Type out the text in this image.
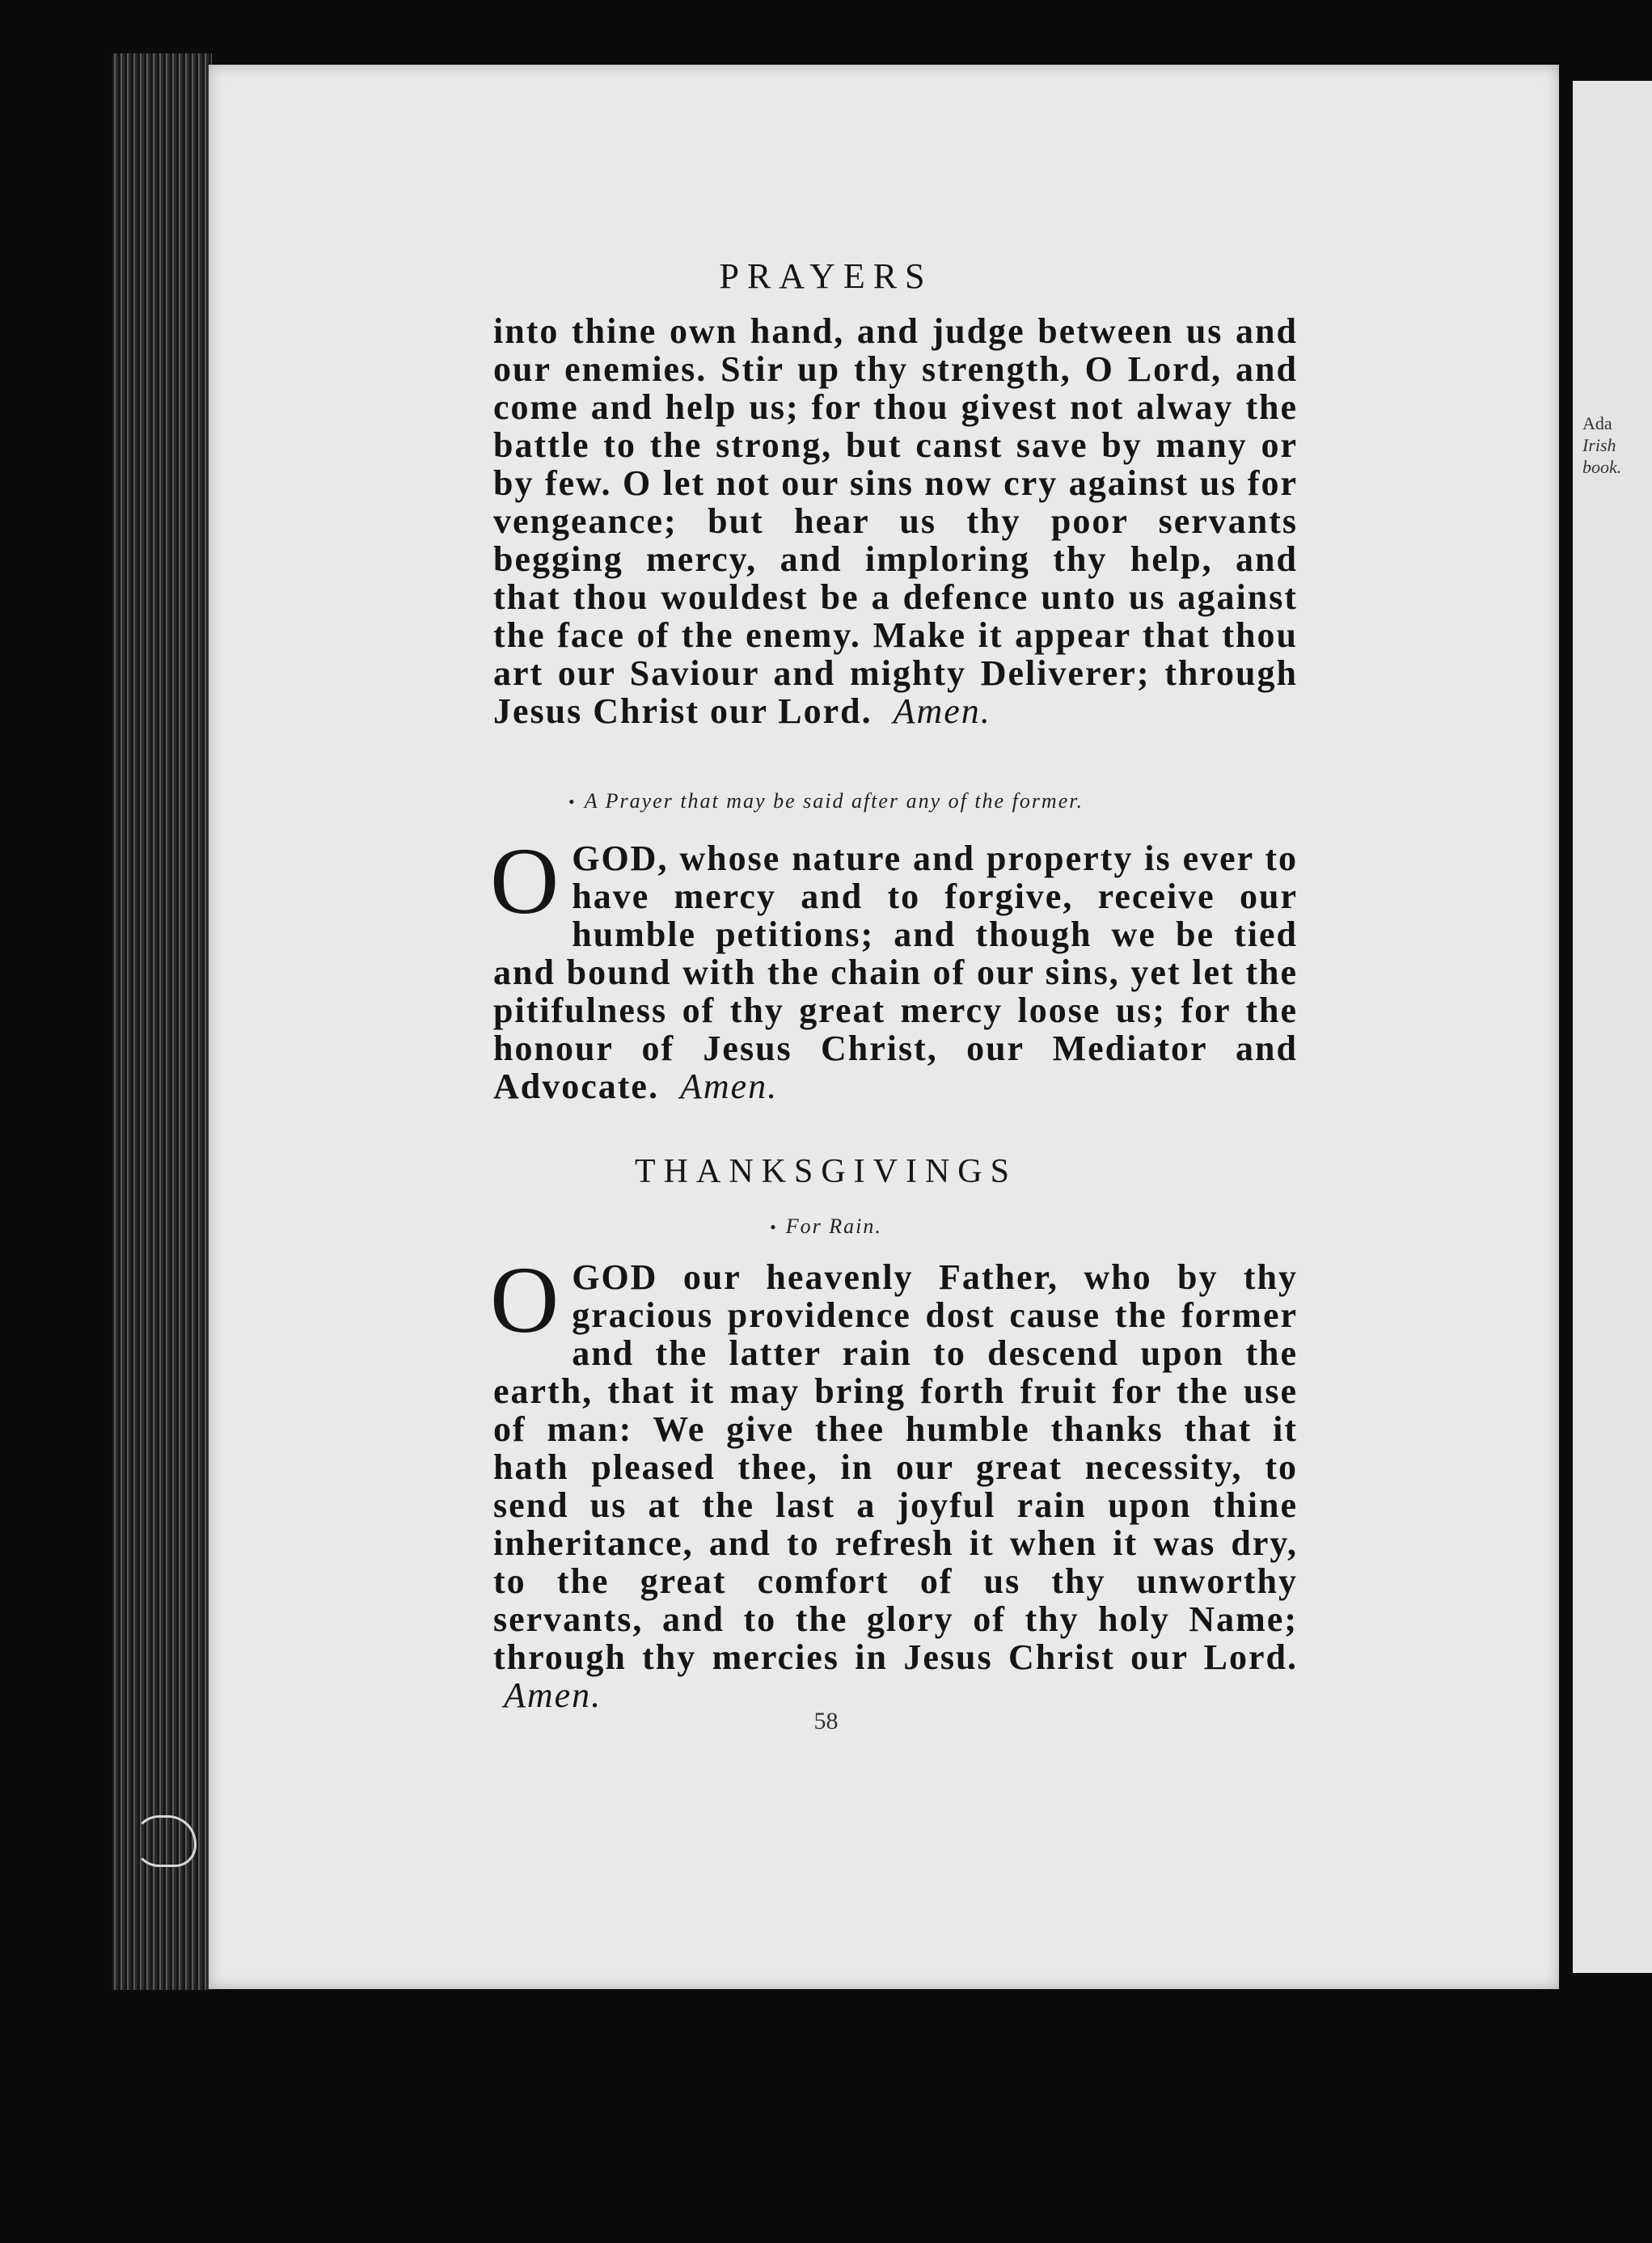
Ada
Irish
book.
PRAYERS
into thine own hand, and judge between us and our enemies. Stir up thy strength, O Lord, and come and help us; for thou givest not alway the battle to the strong, but canst save by many or by few. O let not our sins now cry against us for vengeance; but hear us thy poor servants begging mercy, and imploring thy help, and that thou wouldest be a defence unto us against the face of the enemy. Make it appear that thou art our Saviour and mighty Deliverer; through Jesus Christ our Lord. Amen.
• A Prayer that may be said after any of the former.
O GOD, whose nature and property is ever to have mercy and to forgive, receive our humble petitions; and though we be tied and bound with the chain of our sins, yet let the pitifulness of thy great mercy loose us; for the honour of Jesus Christ, our Mediator and Advocate. Amen.
THANKSGIVINGS
• For Rain.
O GOD our heavenly Father, who by thy gracious providence dost cause the former and the latter rain to descend upon the earth, that it may bring forth fruit for the use of man: We give thee humble thanks that it hath pleased thee, in our great necessity, to send us at the last a joyful rain upon thine inheritance, and to refresh it when it was dry, to the great comfort of us thy unworthy servants, and to the glory of thy holy Name; through thy mercies in Jesus Christ our Lord.  Amen.
58
